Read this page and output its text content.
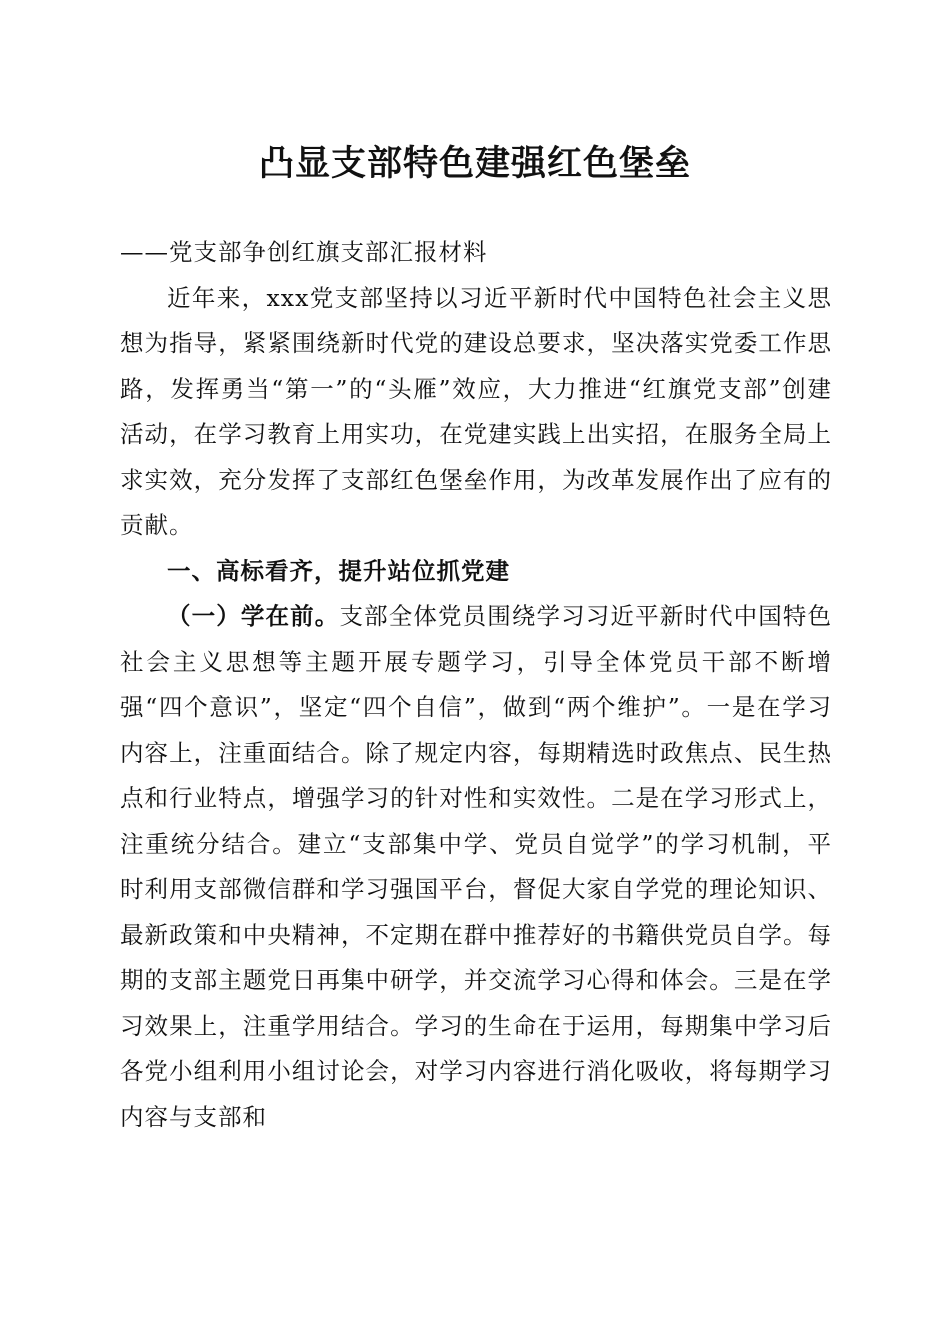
凸显支部特色建强红色堡垒

——党支部争创红旗支部汇报材料

近年来，xxx党支部坚持以习近平新时代中国特色社会主义思想为指导，紧紧围绕新时代党的建设总要求，坚决落实党委工作思路，发挥勇当“第一”的“头雁”效应，大力推进“红旗党支部”创建活动，在学习教育上用实功，在党建实践上出实招，在服务全局上求实效，充分发挥了支部红色堡垒作用，为改革发展作出了应有的贡献。

一、高标看齐，提升站位抓党建

（一）学在前。支部全体党员围绕学习习近平新时代中国特色社会主义思想等主题开展专题学习，引导全体党员干部不断增强“四个意识”，坚定“四个自信”，做到“两个维护”。一是在学习内容上，注重面结合。除了规定内容，每期精选时政焦点、民生热点和行业特点，增强学习的针对性和实效性。二是在学习形式上，注重统分结合。建立“支部集中学、党员自觉学”的学习机制，平时利用支部微信群和学习强国平台，督促大家自学党的理论知识、最新政策和中央精神，不定期在群中推荐好的书籍供党员自学。每期的支部主题党日再集中研学，并交流学习心得和体会。三是在学习效果上，注重学用结合。学习的生命在于运用，每期集中学习后各党小组利用小组讨论会，对学习内容进行消化吸收，将每期学习内容与支部和
